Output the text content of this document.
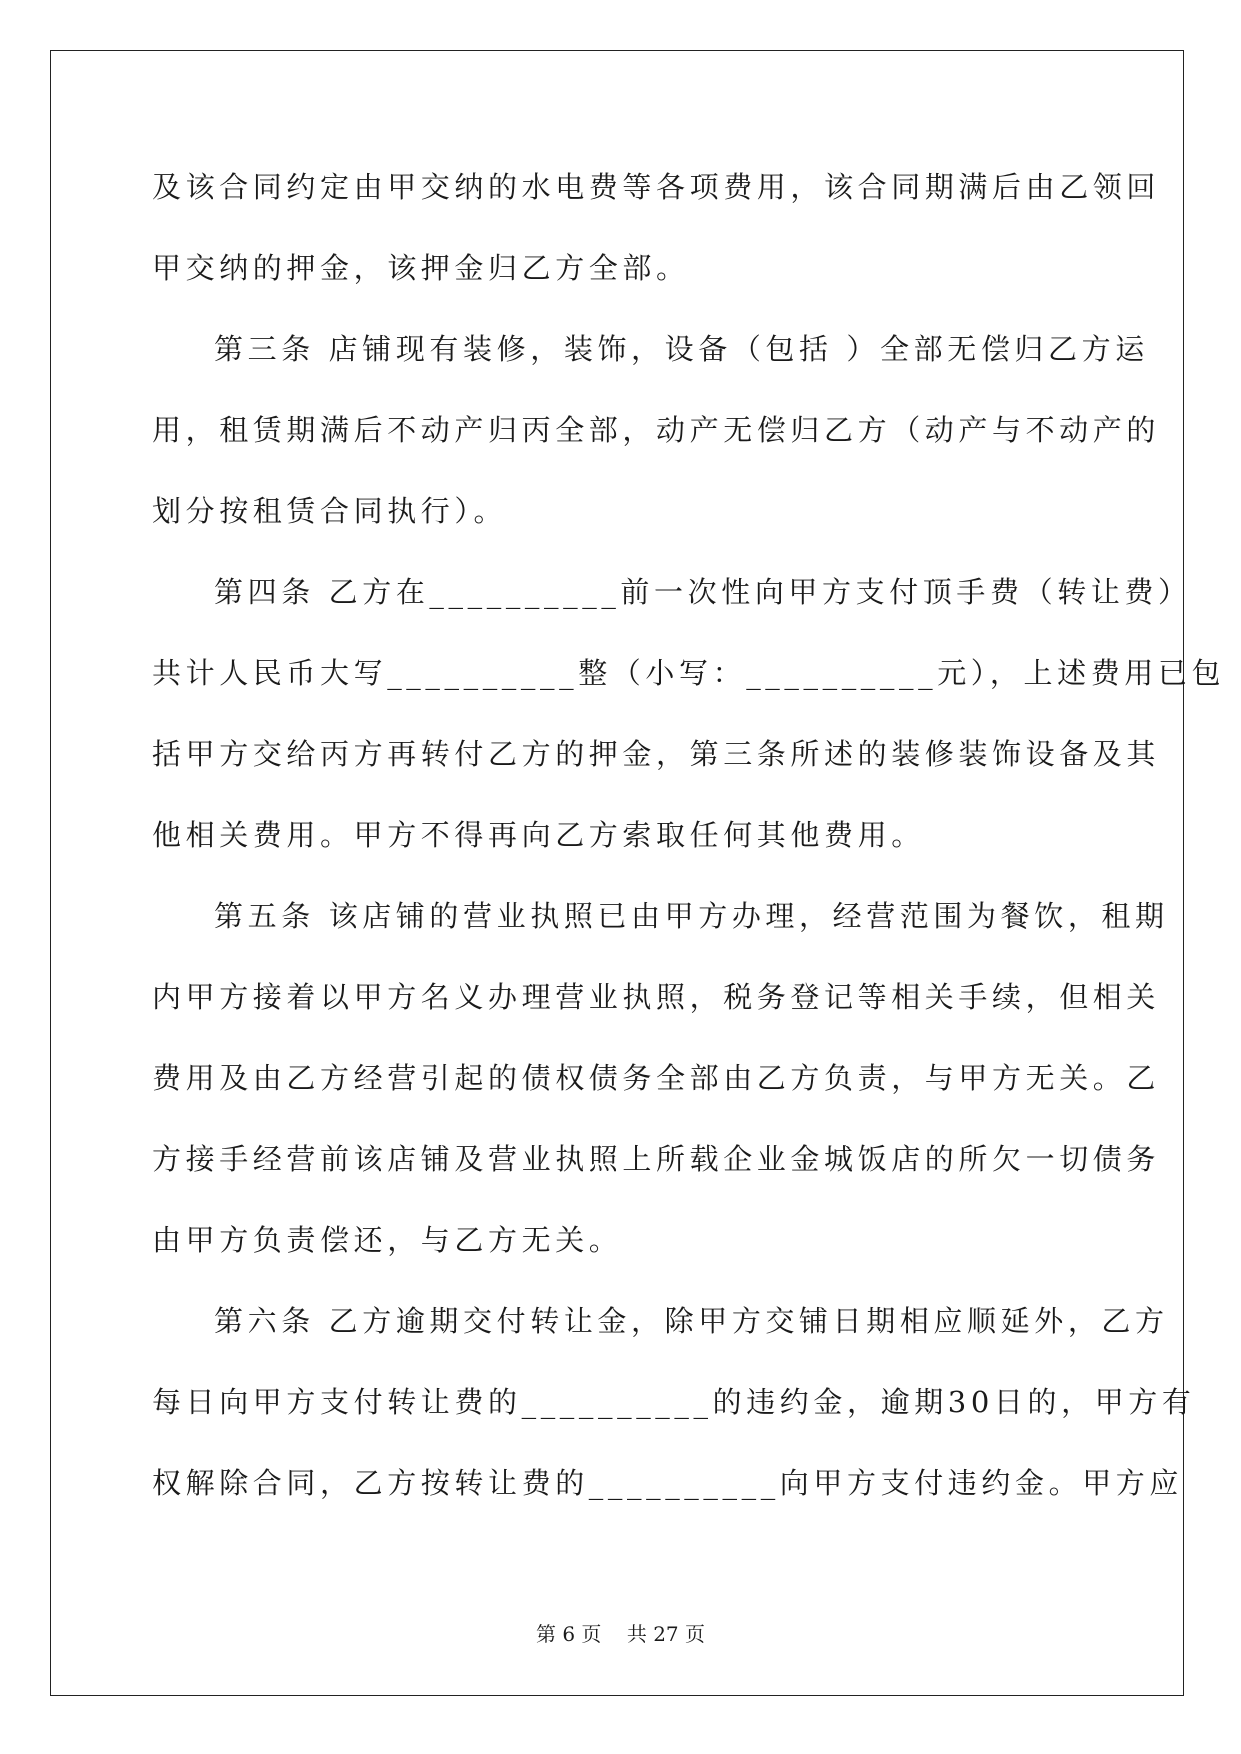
及该合同约定由甲交纳的水电费等各项费用，该合同期满后由乙领回
甲交纳的押金，该押金归乙方全部。
第三条 店铺现有装修，装饰，设备（包括 ）全部无偿归乙方运
用，租赁期满后不动产归丙全部，动产无偿归乙方（动产与不动产的
划分按租赁合同执行）。
第四条 乙方在__________前一次性向甲方支付顶手费（转让费）
共计人民币大写__________整（小写：__________元），上述费用已包
括甲方交给丙方再转付乙方的押金，第三条所述的装修装饰设备及其
他相关费用。甲方不得再向乙方索取任何其他费用。
第五条 该店铺的营业执照已由甲方办理，经营范围为餐饮，租期
内甲方接着以甲方名义办理营业执照，税务登记等相关手续，但相关
费用及由乙方经营引起的债权债务全部由乙方负责，与甲方无关。乙
方接手经营前该店铺及营业执照上所载企业金城饭店的所欠一切债务
由甲方负责偿还，与乙方无关。
第六条 乙方逾期交付转让金，除甲方交铺日期相应顺延外，乙方
每日向甲方支付转让费的__________的违约金，逾期30日的，甲方有
权解除合同，乙方按转让费的__________向甲方支付违约金。甲方应
第 6 页    共 27 页
